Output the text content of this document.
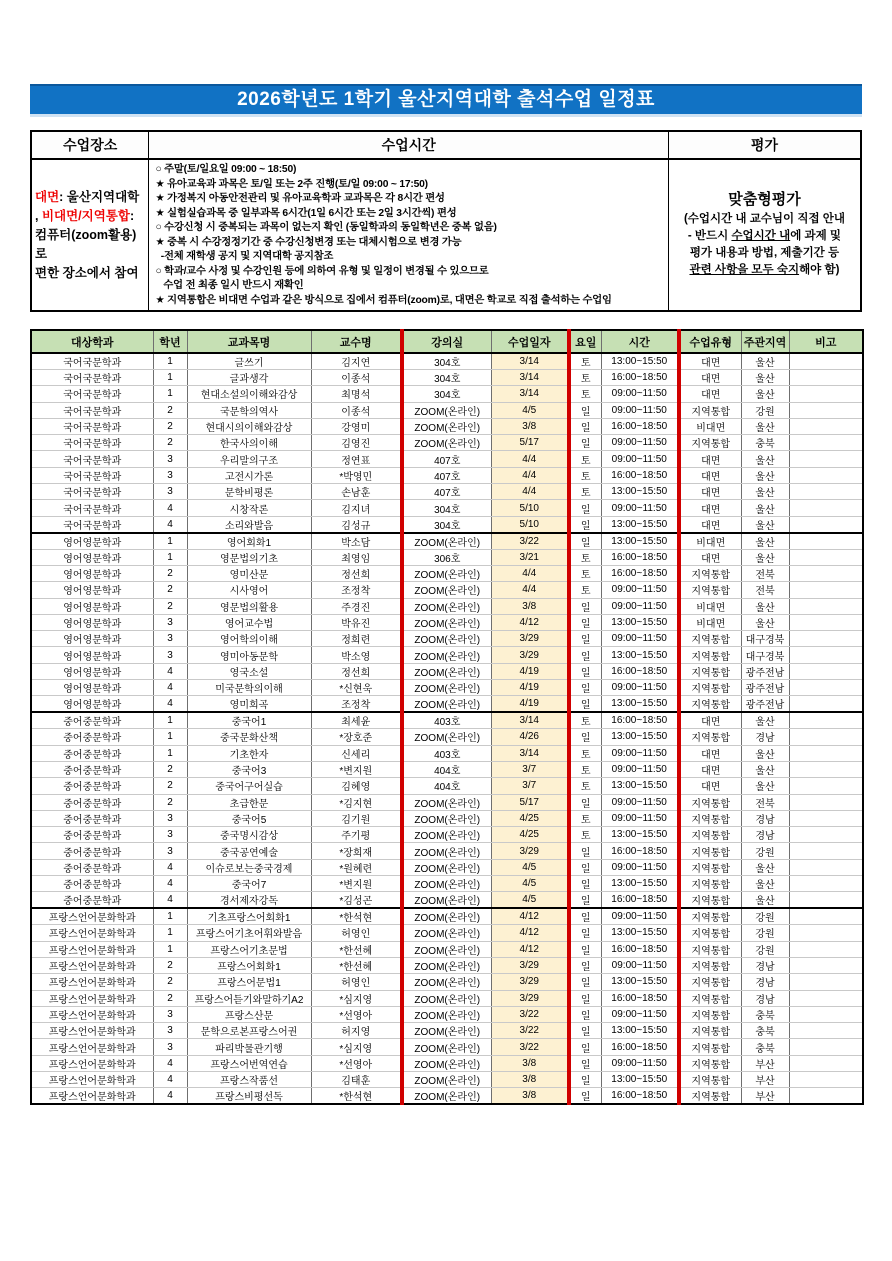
2026학년도 1학기 울산지역대학 출석수업 일정표
수업장소	수업시간	평가
대면: 울산지역대학
, 비대면/지역통합:
컴퓨터(zoom활용)로
편한 장소에서 참여
○ 주말(토/일요일 09:00 ~ 18:50)
★ 유아교육과 과목은 토/일 또는 2주 진행(토/일 09:00 ~ 17:50)
★ 가정복지 아동안전관리 및 유아교육학과 교과목은 각 8시간 편성
★ 실험실습과목 중 일부과목 6시간(1일 6시간 또는 2일 3시간씩) 편성
○ 수강신청 시 중복되는 과목이 없는지 확인 (동일학과의 동일학년은 중복 없음)
★ 중복 시 수강정정기간 중 수강신청변경 또는 대체시험으로 변경 가능
-전체 재학생 공지 및 지역대학 공지참조
○ 학과/교수 사정 및 수강인원 등에 의하여 유형 및 일정이 변경될 수 있으므로
수업 전 최종 일시 반드시 재확인
★ 지역통합은 비대면 수업과 같은 방식으로 집에서 컴퓨터(zoom)로, 대면은 학교로 직접 출석하는 수업임
맞춤형평가
(수업시간 내 교수님이 직접 안내
- 반드시 수업시간 내에 과제 및
평가 내용과 방법, 제출기간 등
관련 사항을 모두 숙지해야 함)
대상학과	학년	교과목명	교수명	강의실	수업일자	요일	시간	수업유형	주관지역	비고
국어국문학과	1	글쓰기	김지연	304호	3/14	토	13:00~15:50	대면	울산	
국어국문학과	1	글과생각	이종석	304호	3/14	토	16:00~18:50	대면	울산	
국어국문학과	1	현대소설의이해와감상	최명석	304호	3/14	토	09:00~11:50	대면	울산	
국어국문학과	2	국문학의역사	이종석	ZOOM(온라인)	4/5	일	09:00~11:50	지역통합	강원	
국어국문학과	2	현대시의이해와감상	강영미	ZOOM(온라인)	3/8	일	16:00~18:50	비대면	울산	
국어국문학과	2	한국사의이해	김영진	ZOOM(온라인)	5/17	일	09:00~11:50	지역통합	충북	
국어국문학과	3	우리말의구조	정연표	407호	4/4	토	09:00~11:50	대면	울산	
국어국문학과	3	고전시가론	*박영민	407호	4/4	토	16:00~18:50	대면	울산	
국어국문학과	3	문학비평론	손남훈	407호	4/4	토	13:00~15:50	대면	울산	
국어국문학과	4	시창작론	김지녀	304호	5/10	일	09:00~11:50	대면	울산	
국어국문학과	4	소리와발음	김성규	304호	5/10	일	13:00~15:50	대면	울산	
영어영문학과	1	영어회화1	박소담	ZOOM(온라인)	3/22	일	13:00~15:50	비대면	울산	
영어영문학과	1	영문법의기초	최영임	306호	3/21	토	16:00~18:50	대면	울산	
영어영문학과	2	영미산문	정선희	ZOOM(온라인)	4/4	토	16:00~18:50	지역통합	전북	
영어영문학과	2	시사영어	조정착	ZOOM(온라인)	4/4	토	09:00~11:50	지역통합	전북	
영어영문학과	2	영문법의활용	주경진	ZOOM(온라인)	3/8	일	09:00~11:50	비대면	울산	
영어영문학과	3	영어교수법	박유진	ZOOM(온라인)	4/12	일	13:00~15:50	비대면	울산	
영어영문학과	3	영어학의이해	정희련	ZOOM(온라인)	3/29	일	09:00~11:50	지역통합	대구경북	
영어영문학과	3	영미아동문학	박소영	ZOOM(온라인)	3/29	일	13:00~15:50	지역통합	대구경북	
영어영문학과	4	영국소설	정선희	ZOOM(온라인)	4/19	일	16:00~18:50	지역통합	광주전남	
영어영문학과	4	미국문학의이해	*신현욱	ZOOM(온라인)	4/19	일	09:00~11:50	지역통합	광주전남	
영어영문학과	4	영미희곡	조정착	ZOOM(온라인)	4/19	일	13:00~15:50	지역통합	광주전남	
중어중문학과	1	중국어1	최세윤	403호	3/14	토	16:00~18:50	대면	울산	
중어중문학과	1	중국문화산책	*장호준	ZOOM(온라인)	4/26	일	13:00~15:50	지역통합	경남	
중어중문학과	1	기초한자	신세리	403호	3/14	토	09:00~11:50	대면	울산	
중어중문학과	2	중국어3	*변지원	404호	3/7	토	09:00~11:50	대면	울산	
중어중문학과	2	중국어구어실습	김혜영	404호	3/7	토	13:00~15:50	대면	울산	
중어중문학과	2	초급한문	*김지현	ZOOM(온라인)	5/17	일	09:00~11:50	지역통합	전북	
중어중문학과	3	중국어5	김기원	ZOOM(온라인)	4/25	토	09:00~11:50	지역통합	경남	
중어중문학과	3	중국명시감상	주기평	ZOOM(온라인)	4/25	토	13:00~15:50	지역통합	경남	
중어중문학과	3	중국공연예술	*장희재	ZOOM(온라인)	3/29	일	16:00~18:50	지역통합	강원	
중어중문학과	4	이슈로보는중국경제	*원혜련	ZOOM(온라인)	4/5	일	09:00~11:50	지역통합	울산	
중어중문학과	4	중국어7	*변지원	ZOOM(온라인)	4/5	일	13:00~15:50	지역통합	울산	
중어중문학과	4	경서제자강독	*김성곤	ZOOM(온라인)	4/5	일	16:00~18:50	지역통합	울산	
프랑스언어문화학과	1	기초프랑스어회화1	*한석현	ZOOM(온라인)	4/12	일	09:00~11:50	지역통합	강원	
프랑스언어문화학과	1	프랑스어기초어휘와발음	허영인	ZOOM(온라인)	4/12	일	13:00~15:50	지역통합	강원	
프랑스언어문화학과	1	프랑스어기초문법	*한선혜	ZOOM(온라인)	4/12	일	16:00~18:50	지역통합	강원	
프랑스언어문화학과	2	프랑스어회화1	*한선혜	ZOOM(온라인)	3/29	일	09:00~11:50	지역통합	경남	
프랑스언어문화학과	2	프랑스어문법1	허영인	ZOOM(온라인)	3/29	일	13:00~15:50	지역통합	경남	
프랑스언어문화학과	2	프랑스어듣기와말하기A2	*심지영	ZOOM(온라인)	3/29	일	16:00~18:50	지역통합	경남	
프랑스언어문화학과	3	프랑스산문	*선영아	ZOOM(온라인)	3/22	일	09:00~11:50	지역통합	충북	
프랑스언어문화학과	3	문학으로본프랑스어권	허지영	ZOOM(온라인)	3/22	일	13:00~15:50	지역통합	충북	
프랑스언어문화학과	3	파리박물관기행	*심지영	ZOOM(온라인)	3/22	일	16:00~18:50	지역통합	충북	
프랑스언어문화학과	4	프랑스어번역연습	*선영아	ZOOM(온라인)	3/8	일	09:00~11:50	지역통합	부산	
프랑스언어문화학과	4	프랑스작품선	김태훈	ZOOM(온라인)	3/8	일	13:00~15:50	지역통합	부산	
프랑스언어문화학과	4	프랑스비평선독	*한석현	ZOOM(온라인)	3/8	일	16:00~18:50	지역통합	부산	
